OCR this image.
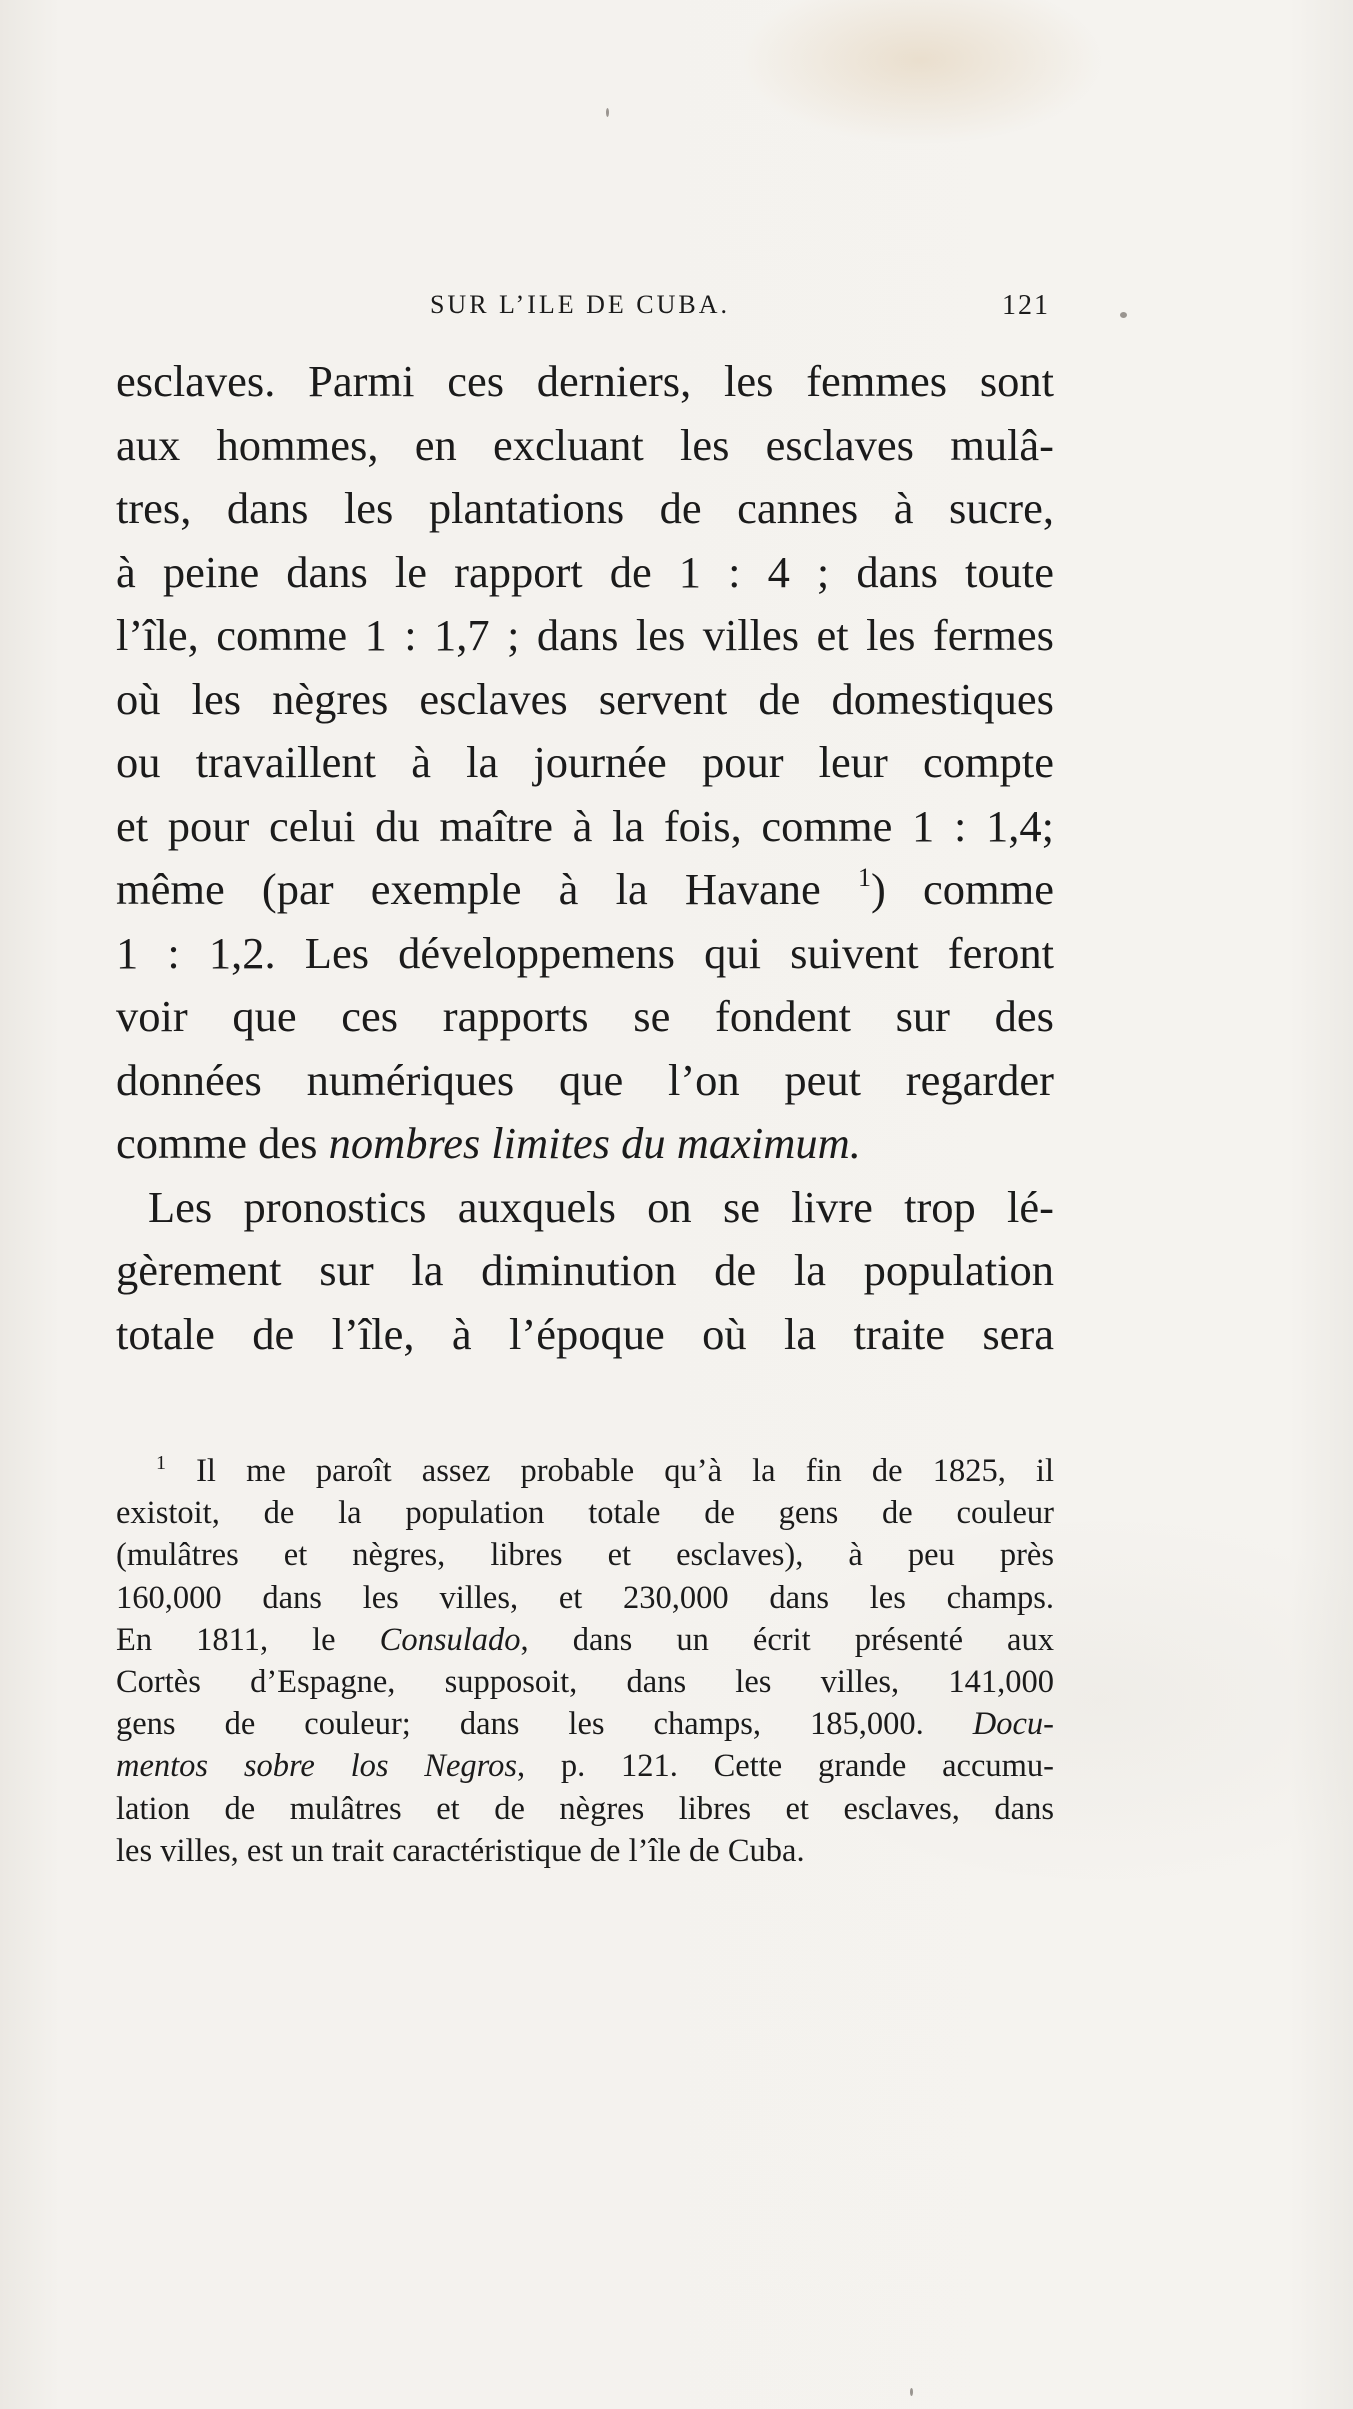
SUR L’ILE DE CUBA.	121
esclaves. Parmi ces derniers, les femmes sont
aux hommes, en excluant les esclaves mulâ-
tres, dans les plantations de cannes à sucre,
à peine dans le rapport de 1 : 4 ; dans toute
l’île, comme 1 : 1,7 ; dans les villes et les fermes
où les nègres esclaves servent de domestiques
ou travaillent à la journée pour leur compte
et pour celui du maître à la fois, comme 1 : 1,4;
même (par exemple à la Havane $^1$) comme
1 : 1,2. Les développemens qui suivent feront
voir que ces rapports se fondent sur des
données numériques que l’on peut regarder
comme des nombres limites du maximum.
Les pronostics auxquels on se livre trop lé-
gèrement sur la diminution de la population
totale de l’île, à l’époque où la traite sera
$^1$ Il me paroît assez probable qu’à la fin de 1825, il
existoit, de la population totale de gens de couleur
(mulâtres et nègres, libres et esclaves), à peu près
160,000 dans les villes, et 230,000 dans les champs.
En 1811, le Consulado, dans un écrit présenté aux
Cortès d’Espagne, supposoit, dans les villes, 141,000
gens de couleur; dans les champs, 185,000. Docu-
mentos sobre los Negros, p. 121. Cette grande accumu-
lation de mulâtres et de nègres libres et esclaves, dans
les villes, est un trait caractéristique de l’île de Cuba.
